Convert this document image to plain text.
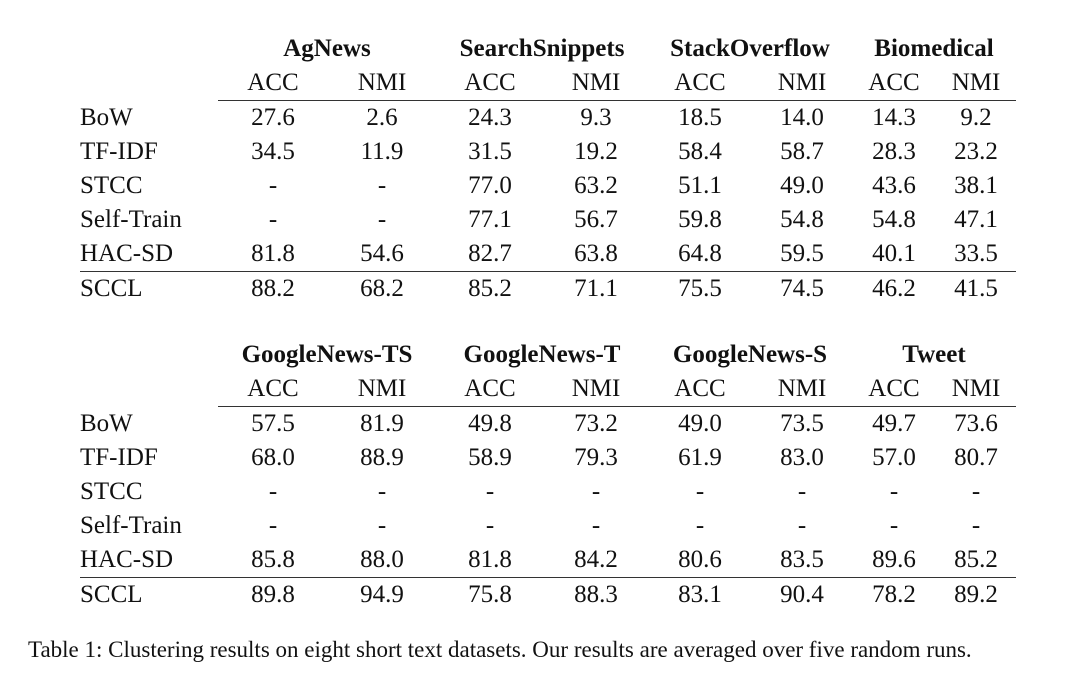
	AgNews		SearchSnippets		StackOverflow		Biomedical	
	ACC	NMI	ACC	NMI	ACC	NMI	ACC	NMI
BoW	27.6	2.6	24.3	9.3	18.5	14.0	14.3	9.2
TF-IDF	34.5	11.9	31.5	19.2	58.4	58.7	28.3	23.2
STCC	-	-	77.0	63.2	51.1	49.0	43.6	38.1
Self-Train	-	-	77.1	56.7	59.8	54.8	54.8	47.1
HAC-SD	81.8	54.6	82.7	63.8	64.8	59.5	40.1	33.5
SCCL	88.2	68.2	85.2	71.1	75.5	74.5	46.2	41.5
	GoogleNews-TS		GoogleNews-T		GoogleNews-S		Tweet	
	ACC	NMI	ACC	NMI	ACC	NMI	ACC	NMI
BoW	57.5	81.9	49.8	73.2	49.0	73.5	49.7	73.6
TF-IDF	68.0	88.9	58.9	79.3	61.9	83.0	57.0	80.7
STCC	-	-	-	-	-	-	-	-
Self-Train	-	-	-	-	-	-	-	-
HAC-SD	85.8	88.0	81.8	84.2	80.6	83.5	89.6	85.2
SCCL	89.8	94.9	75.8	88.3	83.1	90.4	78.2	89.2
Table 1: Clustering results on eight short text datasets. Our results are averaged over five random runs.
